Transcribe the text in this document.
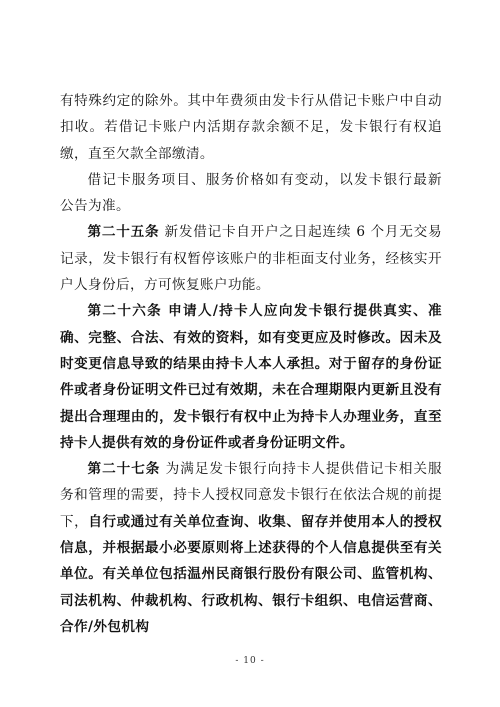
有特殊约定的除外。其中年费须由发卡行从借记卡账户中自动扣收。若借记卡账户内活期存款余额不足，发卡银行有权追缴，直至欠款全部缴清。

借记卡服务项目、服务价格如有变动，以发卡银行最新 公告为准。

第二十五条 新发借记卡自开户之日起连续 6 个月无交易记录，发卡银行有权暂停该账户的非柜面支付业务，经核实开户人身份后，方可恢复账户功能。

第二十六条 申请人/持卡人应向发卡银行提供真实、准确、完整、合法、有效的资料，如有变更应及时修改。因未及时变更信息导致的结果由持卡人本人承担。对于留存的身份证件或者身份证明文件已过有效期，未在合理期限内更新且没有提出合理理由的，发卡银行有权中止为持卡人办理业务，直至持卡人提供有效的身份证件或者身份证明文件。

第二十七条 为满足发卡银行向持卡人提供借记卡相关服务和管理的需要，持卡人授权同意发卡银行在依法合规的前提下，自行或通过有关单位查询、收集、留存并使用本人的授权信息，并根据最小必要原则将上述获得的个人信息提供至有关单位。有关单位包括温州民商银行股份有限公司、监管机构、司法机构、仲裁机构、行政机构、银行卡组织、电信运营商、合作/外包机构

- 10 -
